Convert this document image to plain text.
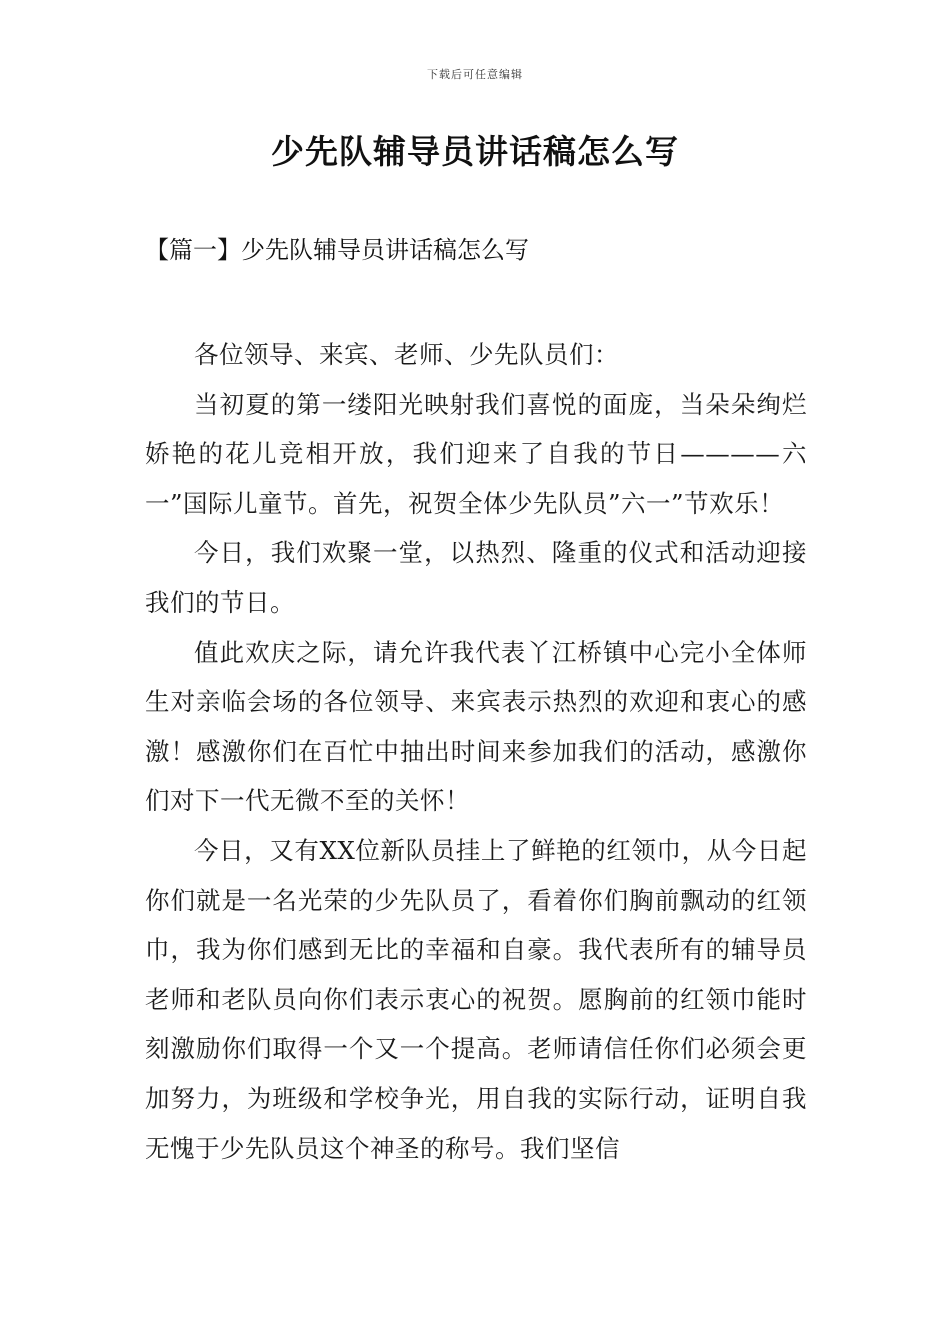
下载后可任意编辑
少先队辅导员讲话稿怎么写
【篇一】少先队辅导员讲话稿怎么写

各位领导、来宾、老师、少先队员们：

当初夏的第一缕阳光映射我们喜悦的面庞，当朵朵绚烂娇艳的花儿竞相开放，我们迎来了自我的节日————六一”国际儿童节。首先，祝贺全体少先队员”六一”节欢乐！

今日，我们欢聚一堂，以热烈、隆重的仪式和活动迎接我们的节日。

值此欢庆之际，请允许我代表丫江桥镇中心完小全体师生对亲临会场的各位领导、来宾表示热烈的欢迎和衷心的感激！感激你们在百忙中抽出时间来参加我们的活动，感激你们对下一代无微不至的关怀！

今日，又有XX位新队员挂上了鲜艳的红领巾，从今日起你们就是一名光荣的少先队员了，看着你们胸前飘动的红领巾，我为你们感到无比的幸福和自豪。我代表所有的辅导员老师和老队员向你们表示衷心的祝贺。愿胸前的红领巾能时刻激励你们取得一个又一个提高。老师请信任你们必须会更加努力，为班级和学校争光，用自我的实际行动，证明自我无愧于少先队员这个神圣的称号。我们坚信
